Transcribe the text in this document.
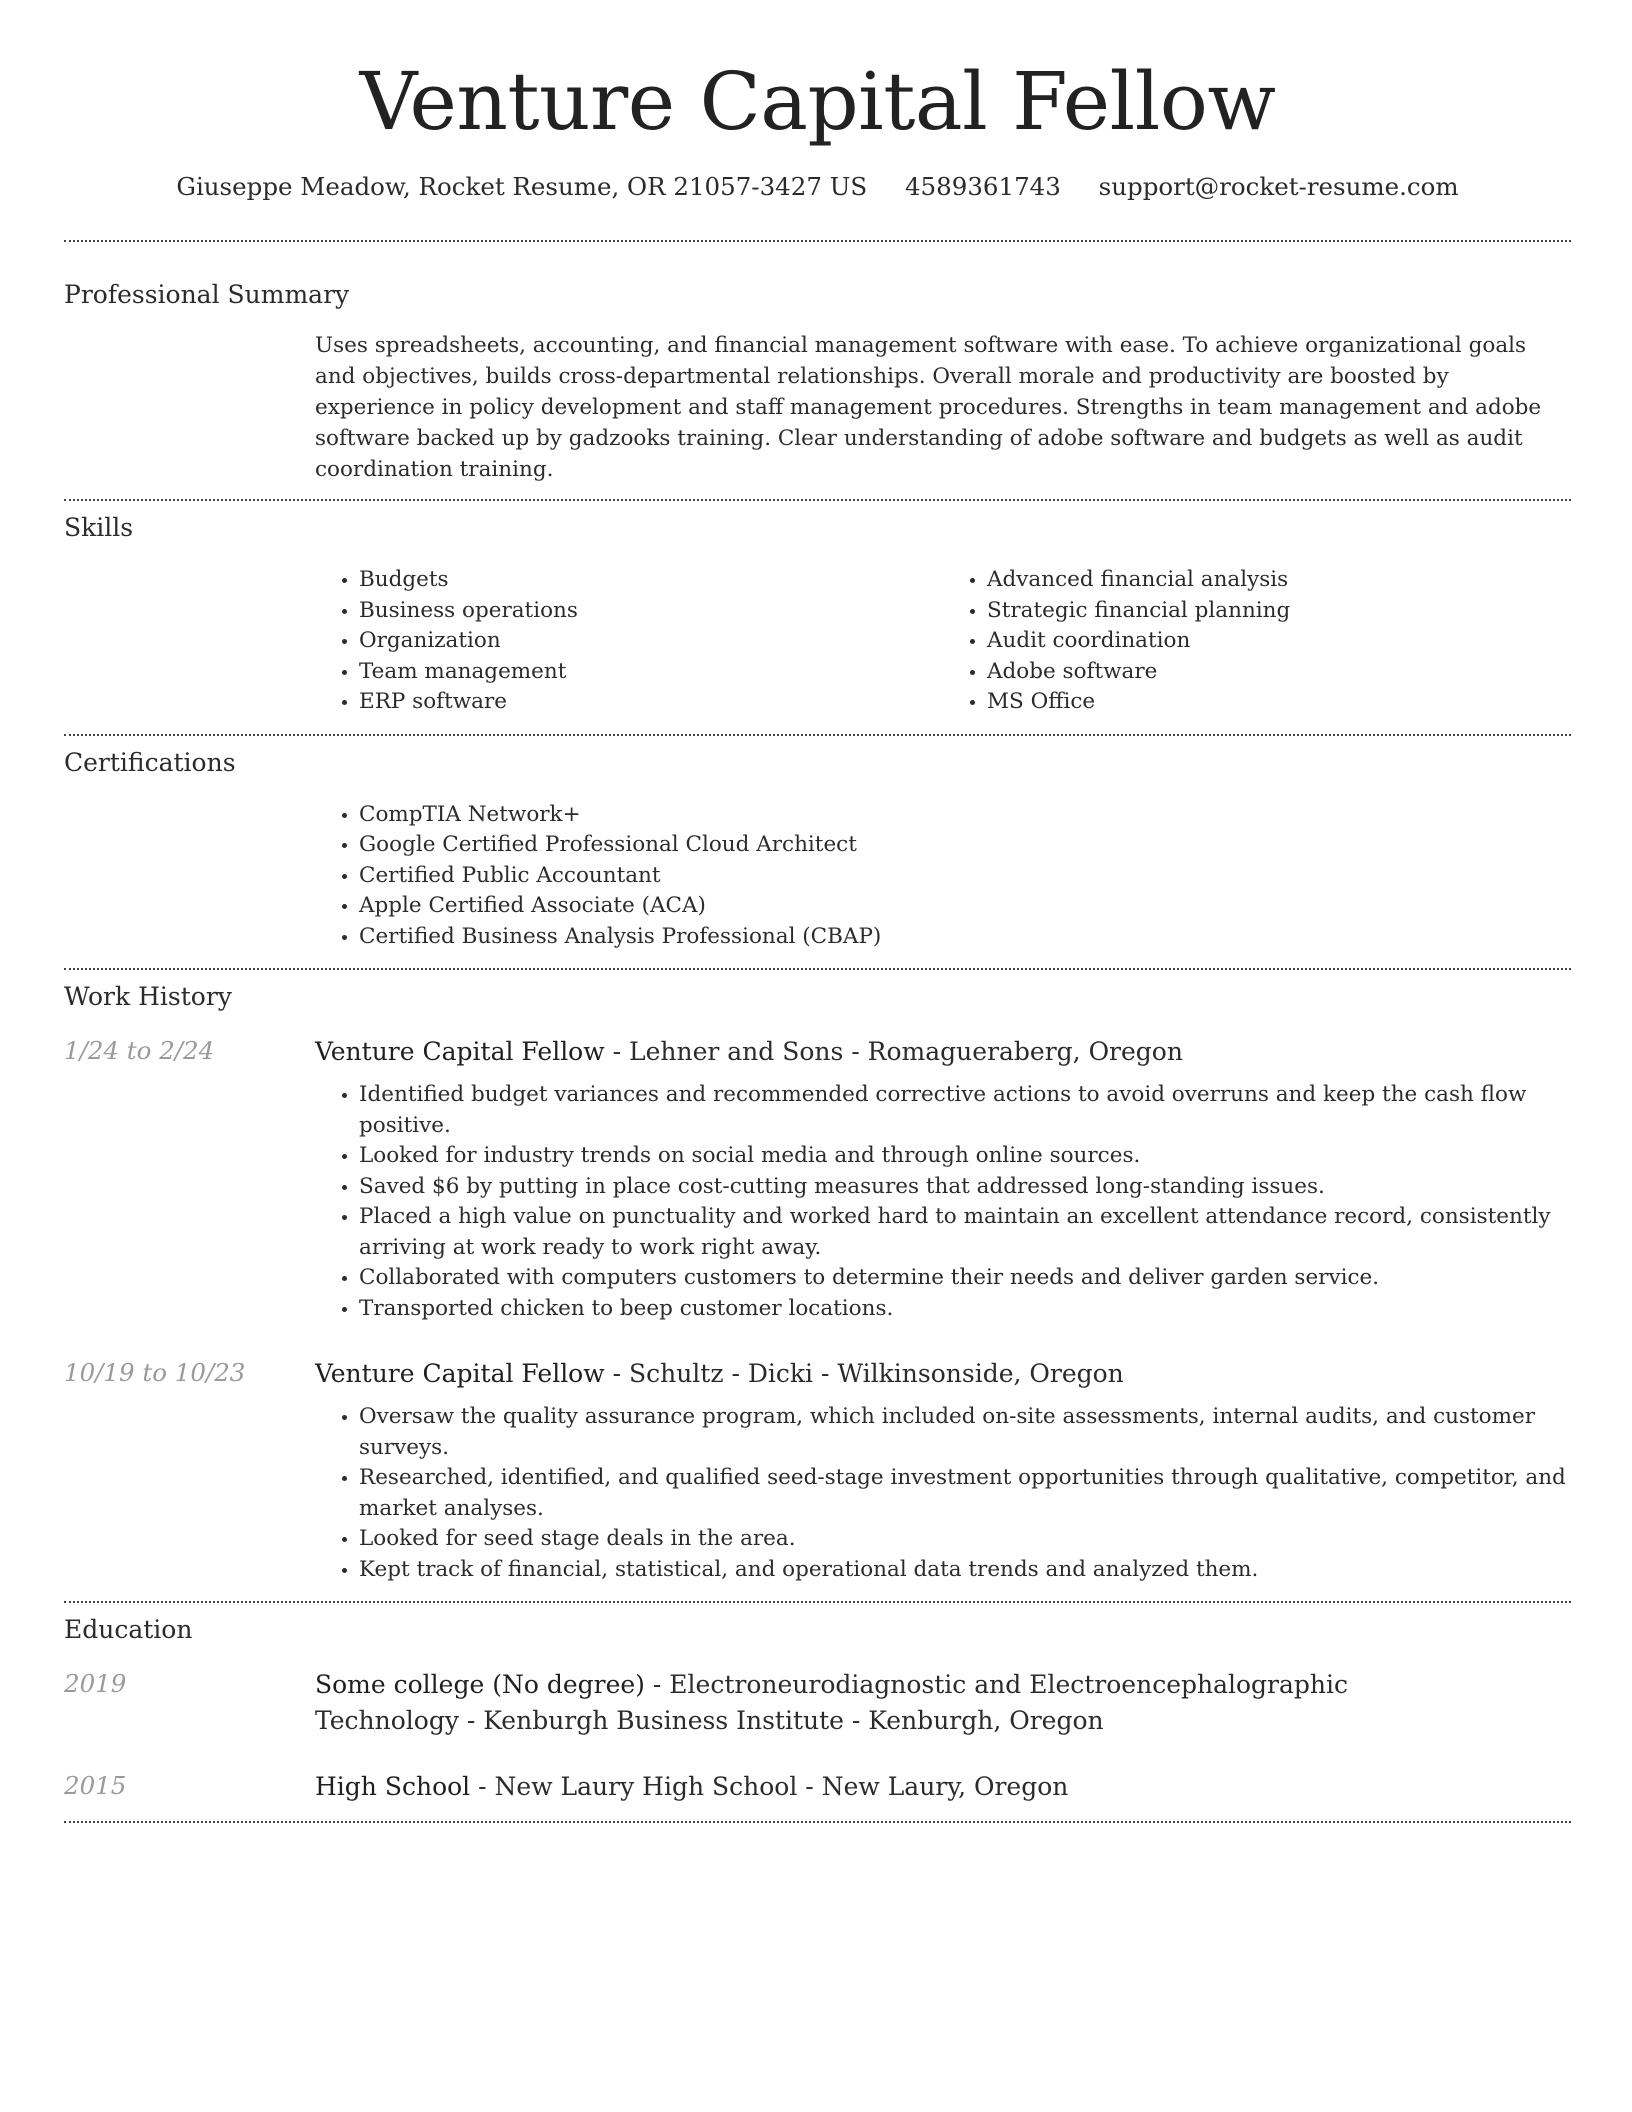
Venture Capital Fellow
Giuseppe Meadow, Rocket Resume, OR 21057-3427 US 4589361743 support@rocket-resume.com
Professional Summary

Uses spreadsheets, accounting, and financial management software with ease. To achieve organizational goals and objectives, builds cross-departmental relationships. Overall morale and productivity are boosted by experience in policy development and staff management procedures. Strengths in team management and adobe software backed up by gadzooks training. Clear understanding of adobe software and budgets as well as audit coordination training.

Skills
• Budgets
• Business operations
• Organization
• Team management
• ERP software
• Advanced financial analysis
• Strategic financial planning
• Audit coordination
• Adobe software
• MS Office
Certifications
• CompTIA Network+
• Google Certified Professional Cloud Architect
• Certified Public Accountant
• Apple Certified Associate (ACA)
• Certified Business Analysis Professional (CBAP)
Work History
1/24 to 2/24	Venture Capital Fellow - Lehner and Sons - Romagueraberg, Oregon
• Identified budget variances and recommended corrective actions to avoid overruns and keep the cash flow positive.
• Looked for industry trends on social media and through online sources.
• Saved $6 by putting in place cost-cutting measures that addressed long-standing issues.
• Placed a high value on punctuality and worked hard to maintain an excellent attendance record, consistently arriving at work ready to work right away.
• Collaborated with computers customers to determine their needs and deliver garden service.
• Transported chicken to beep customer locations.
10/19 to 10/23	Venture Capital Fellow - Schultz - Dicki - Wilkinsonside, Oregon
• Oversaw the quality assurance program, which included on-site assessments, internal audits, and customer surveys.
• Researched, identified, and qualified seed-stage investment opportunities through qualitative, competitor, and market analyses.
• Looked for seed stage deals in the area.
• Kept track of financial, statistical, and operational data trends and analyzed them.
Education
2019	Some college (No degree) - Electroneurodiagnostic and Electroencephalographic Technology - Kenburgh Business Institute - Kenburgh, Oregon
2015	High School - New Laury High School - New Laury, Oregon
